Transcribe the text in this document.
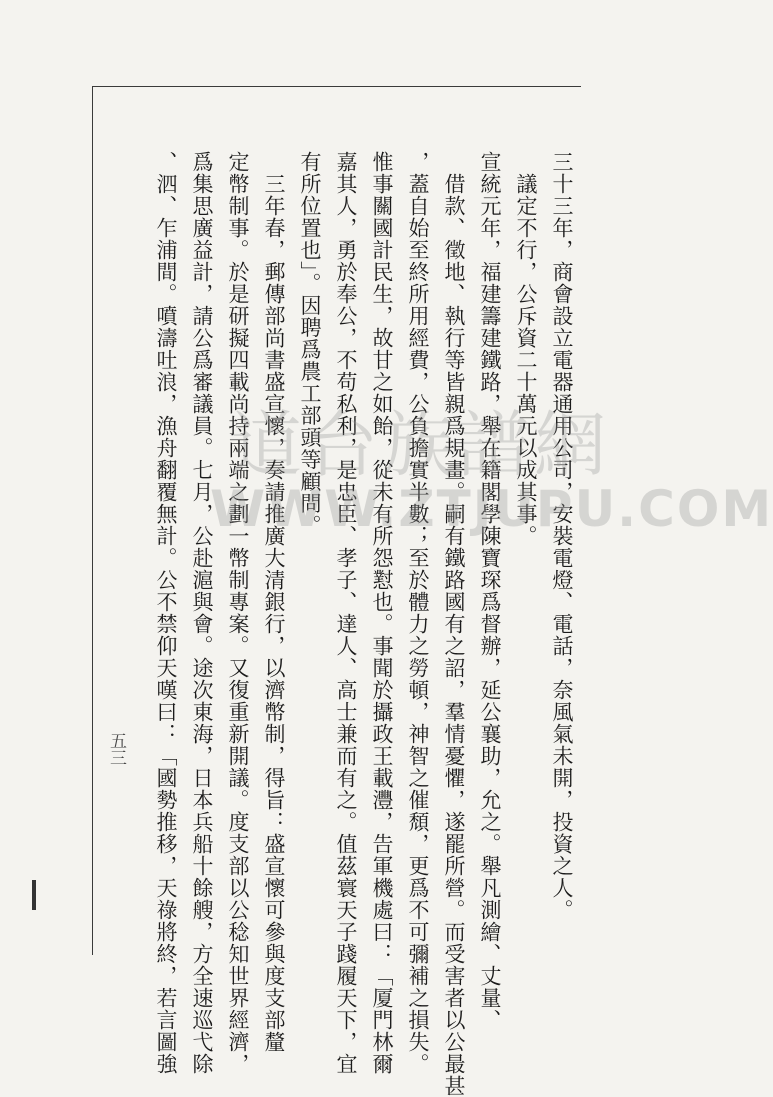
三十三年，商會設立電器通用公司，安裝電燈、電話，奈風氣未開，投資之人。
議定不行，公斥資二十萬元以成其事。
宣統元年，福建籌建鐵路，舉在籍閣學陳寶琛爲督辦，延公襄助，允之。舉凡測繪、丈量、
借款、徵地、執行等皆親爲規畫。嗣有鐵路國有之詔，羣情憂懼，遂罷所營。而受害者以公最甚
，蓋自始至終所用經費，公負擔實半數；至於體力之勞頓，神智之催頹，更爲不可彌補之損失。
惟事關國計民生，故甘之如飴，從未有所怨懟也。事聞於攝政王載灃，告軍機處曰：「厦門林爾
嘉其人，勇於奉公，不苟私利，是忠臣、孝子、達人、高士兼而有之。值茲寰天子踐履天下，宜
有所位置也」。因聘爲農工部頭等顧問。
三年春，郵傳部尚書盛宣懷，奏請推廣大清銀行，以濟幣制，得旨：盛宣懷可參與度支部釐
定幣制事。於是研擬四載尚持兩端之劃一幣制專案。又復重新開議。度支部以公稔知世界經濟，
爲集思廣益計，請公爲審議員。七月，公赴滬與會。途次東海，日本兵船十餘艘，方全速巡弋除
、泗、乍浦間。噴濤吐浪，漁舟翻覆無計。公不禁仰天嘆曰：「國勢推移，天祿將終，若言圖強
五三
道台族譜網
WWW.ZTJUPU.COM
